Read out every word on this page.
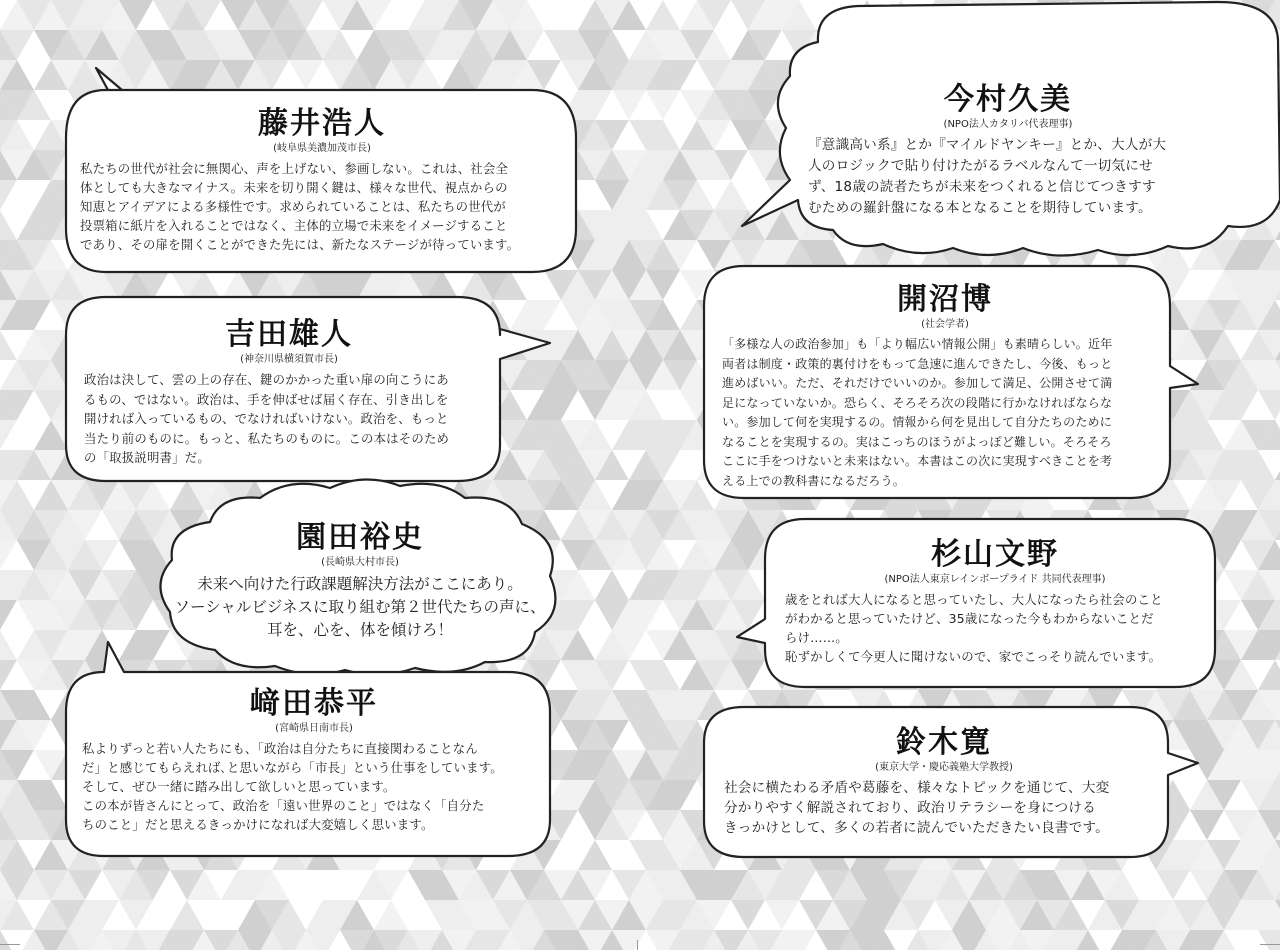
藤井浩人
(岐阜県美濃加茂市長)
私たちの世代が社会に無関心、声を上げない、参画しない。これは、社会全
体としても大きなマイナス。未来を切り開く鍵は、様々な世代、視点からの
知恵とアイデアによる多様性です。求められていることは、私たちの世代が
投票箱に紙片を入れることではなく、主体的立場で未来をイメージすること
であり、その扉を開くことができた先には、新たなステージが待っています。
吉田雄人
(神奈川県横須賀市長)
政治は決して、雲の上の存在、鍵のかかった重い扉の向こうにあ
るもの、ではない。政治は、手を伸ばせば届く存在、引き出しを
開ければ入っているもの、でなければいけない。政治を、もっと
当たり前のものに。もっと、私たちのものに。この本はそのため
の「取扱説明書」だ。
園田裕史
(長崎県大村市長)
未来へ向けた行政課題解決方法がここにあり。
ソーシャルビジネスに取り組む第２世代たちの声に、
耳を、心を、体を傾けろ！
﨑田恭平
(宮崎県日南市長)
私よりずっと若い人たちにも、「政治は自分たちに直接関わることなん
だ」と感じてもらえれば､と思いながら「市長」という仕事をしています。
そして、ぜひ一緒に踏み出して欲しいと思っています。
この本が皆さんにとって、政治を「遠い世界のこと」ではなく「自分た
ちのこと」だと思えるきっかけになれば大変嬉しく思います。
今村久美
(NPO法人カタリバ代表理事)
『意識高い系』とか『マイルドヤンキー』とか、大人が大
人のロジックで貼り付けたがるラベルなんて一切気にせ
ず、18歳の読者たちが未来をつくれると信じてつきすす
むための羅針盤になる本となることを期待しています。
開沼博
(社会学者)
「多様な人の政治参加」も「より幅広い情報公開」も素晴らしい。近年
両者は制度・政策的裏付けをもって急速に進んできたし、今後、もっと
進めばいい。ただ、それだけでいいのか。参加して満足、公開させて満
足になっていないか。恐らく、そろそろ次の段階に行かなければならな
い。参加して何を実現するの。情報から何を見出して自分たちのために
なることを実現するの。実はこっちのほうがよっぽど難しい。そろそろ
ここに手をつけないと未来はない。本書はこの次に実現すべきことを考
える上での教科書になるだろう。
杉山文野
(NPO法人東京レインボープライド 共同代表理事)
歳をとれば大人になると思っていたし、大人になったら社会のこと
がわかると思っていたけど、35歳になった今もわからないことだ
らけ……。
恥ずかしくて今更人に聞けないので、家でこっそり読んでいます。
鈴木寛
(東京大学・慶応義塾大学教授)
社会に横たわる矛盾や葛藤を、様々なトピックを通じて、大変
分かりやすく解説されており、政治リテラシーを身につける
きっかけとして、多くの若者に読んでいただきたい良書です。
